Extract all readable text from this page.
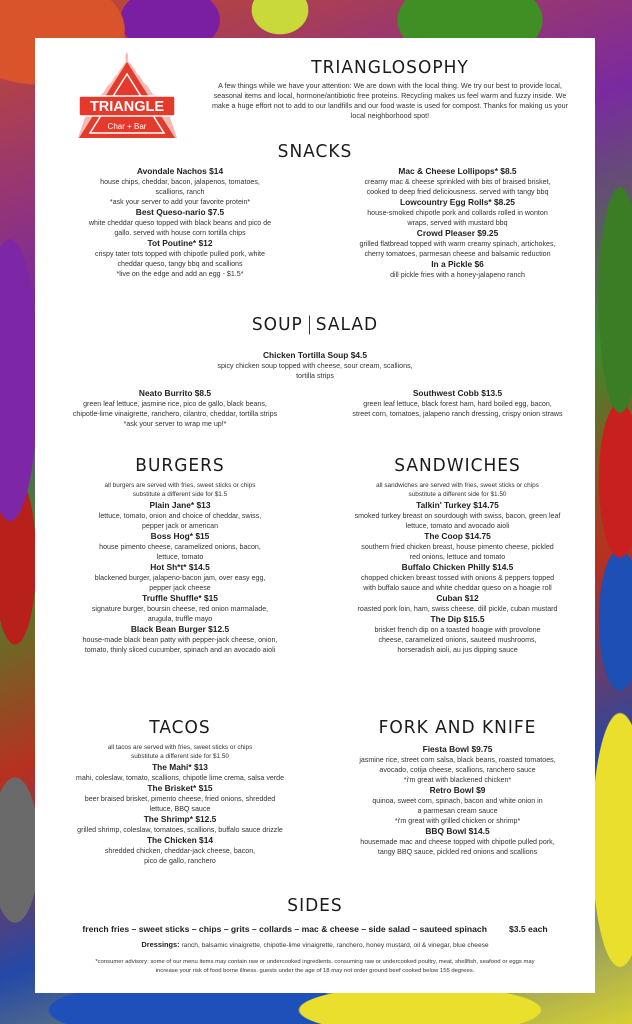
TRIANGLE
Char + Bar
TRIANGLOSOPHY

A few things while we have your attention: We are down with the local thing. We try our best to provide local, seasonal items and local, hormone/antibiotic free proteins. Recycling makes us feel warm and fuzzy inside. We make a huge effort not to add to our landfills and our food waste is used for compost. Thanks for making us your local neighborhood spot!

SNACKS
Avondale Nachos $14
house chips, cheddar, bacon, jalapenos, tomatoes,
scallions, ranch
*ask your server to add your favorite protein*
Best Queso-nario $7.5
white cheddar queso topped with black beans and pico de
gallo. served with house corn tortilla chips
Tot Poutine* $12
crispy tater tots topped with chipotle pulled pork, white
cheddar queso, tangy bbq and scallions
*live on the edge and add an egg - $1.5*
Mac & Cheese Lollipops* $8.5
creamy mac & cheese sprinkled with bits of braised brisket,
cooked to deep fried deliciousness. served with tangy bbq
Lowcountry Egg Rolls* $8.25
house-smoked chipotle pork and collards rolled in wonton
wraps, served with mustard bbq
Crowd Pleaser $9.25
grilled flatbread topped with warm creamy spinach, artichokes,
cherry tomatoes, parmesan cheese and balsamic reduction
In a Pickle $6
dill pickle fries with a honey-jalapeno ranch
SOUP SALAD
Chicken Tortilla Soup $4.5
spicy chicken soup topped with cheese, sour cream, scallions,
tortilla strips
Neato Burrito $8.5
green leaf lettuce, jasmine rice, pico de gallo, black beans,
chipotle-lime vinaigrette, ranchero, cilantro, cheddar, tortilla strips
*ask your server to wrap me up!*
Southwest Cobb $13.5
green leaf lettuce, black forest ham, hard boiled egg, bacon,
street corn, tomatoes, jalapeno ranch dressing, crispy onion straws
BURGERS
all burgers are served with fries, sweet sticks or chips
substitute a different side for $1.5
Plain Jane* $13
lettuce, tomato, onion and choice of cheddar, swiss,
pepper jack or american
Boss Hog* $15
house pimento cheese, caramelized onions, bacon,
lettuce, tomato
Hot Sh*t* $14.5
blackened burger, jalapeno-bacon jam, over easy egg,
pepper jack cheese
Truffle Shuffle* $15
signature burger, boursin cheese, red onion marmalade,
arugula, truffle mayo
Black Bean Burger $12.5
house-made black bean patty with pepper-jack cheese, onion,
tomato, thinly sliced cucumber, spinach and an avocado aioli
SANDWICHES
all sandwiches are served with fries, sweet sticks or chips
substitute a different side for $1.50
Talkin' Turkey $14.75
smoked turkey breast on sourdough with swiss, bacon, green leaf
lettuce, tomato and avocado aioli
The Coop $14.75
southern fried chicken breast, house pimento cheese, pickled
red onions, lettuce and tomato
Buffalo Chicken Philly $14.5
chopped chicken breast tossed with onions & peppers topped
with buffalo sauce and white cheddar queso on a hoagie roll
Cuban $12
roasted pork loin, ham, swiss cheese, dill pickle, cuban mustard
The Dip $15.5
brisket french dip on a toasted hoagie with provolone
cheese, caramelized onions, sauteed mushrooms,
horseradish aioli, au jus dipping sauce
TACOS
all tacos are served with fries, sweet sticks or chips
substitute a different side for $1.50
The Mahi* $13
mahi, coleslaw, tomato, scallions, chipotle lime crema, salsa verde
The Brisket* $15
beer braised brisket, pimento cheese, fried onions, shredded
lettuce, BBQ sauce
The Shrimp* $12.5
grilled shrimp, coleslaw, tomatoes, scallions, buffalo sauce drizzle
The Chicken $14
shredded chicken, cheddar-jack cheese, bacon,
pico de gallo, ranchero
FORK AND KNIFE
Fiesta Bowl $9.75
jasmine rice, street corn salsa, black beans, roasted tomatoes,
avocado, cotija cheese, scallions, ranchero sauce
*i'm great with blackened chicken*
Retro Bowl $9
quinoa, sweet corn, spinach, bacon and white onion in
a parmesan cream sauce
*i'm great with grilled chicken or shrimp*
BBQ Bowl $14.5
housemade mac and cheese topped with chipotle pulled pork,
tangy BBQ sauce, pickled red onions and scallions
SIDES
french fries – sweet sticks – chips – grits – collards – mac & cheese – side salad – sauteed spinach	$3.5 each
Dressings: ranch, balsamic vinaigrette, chipotle-lime vinaigrette, ranchero, honey mustard, oil & vinegar, blue cheese
*consumer advisory: some of our menu items may contain raw or undercooked ingredients. consuming raw or undercooked poultry, meat, shellfish, seafood or eggs may
increase your risk of food borne illness. guests under the age of 18 may not order ground beef cooked below 155 degrees.
